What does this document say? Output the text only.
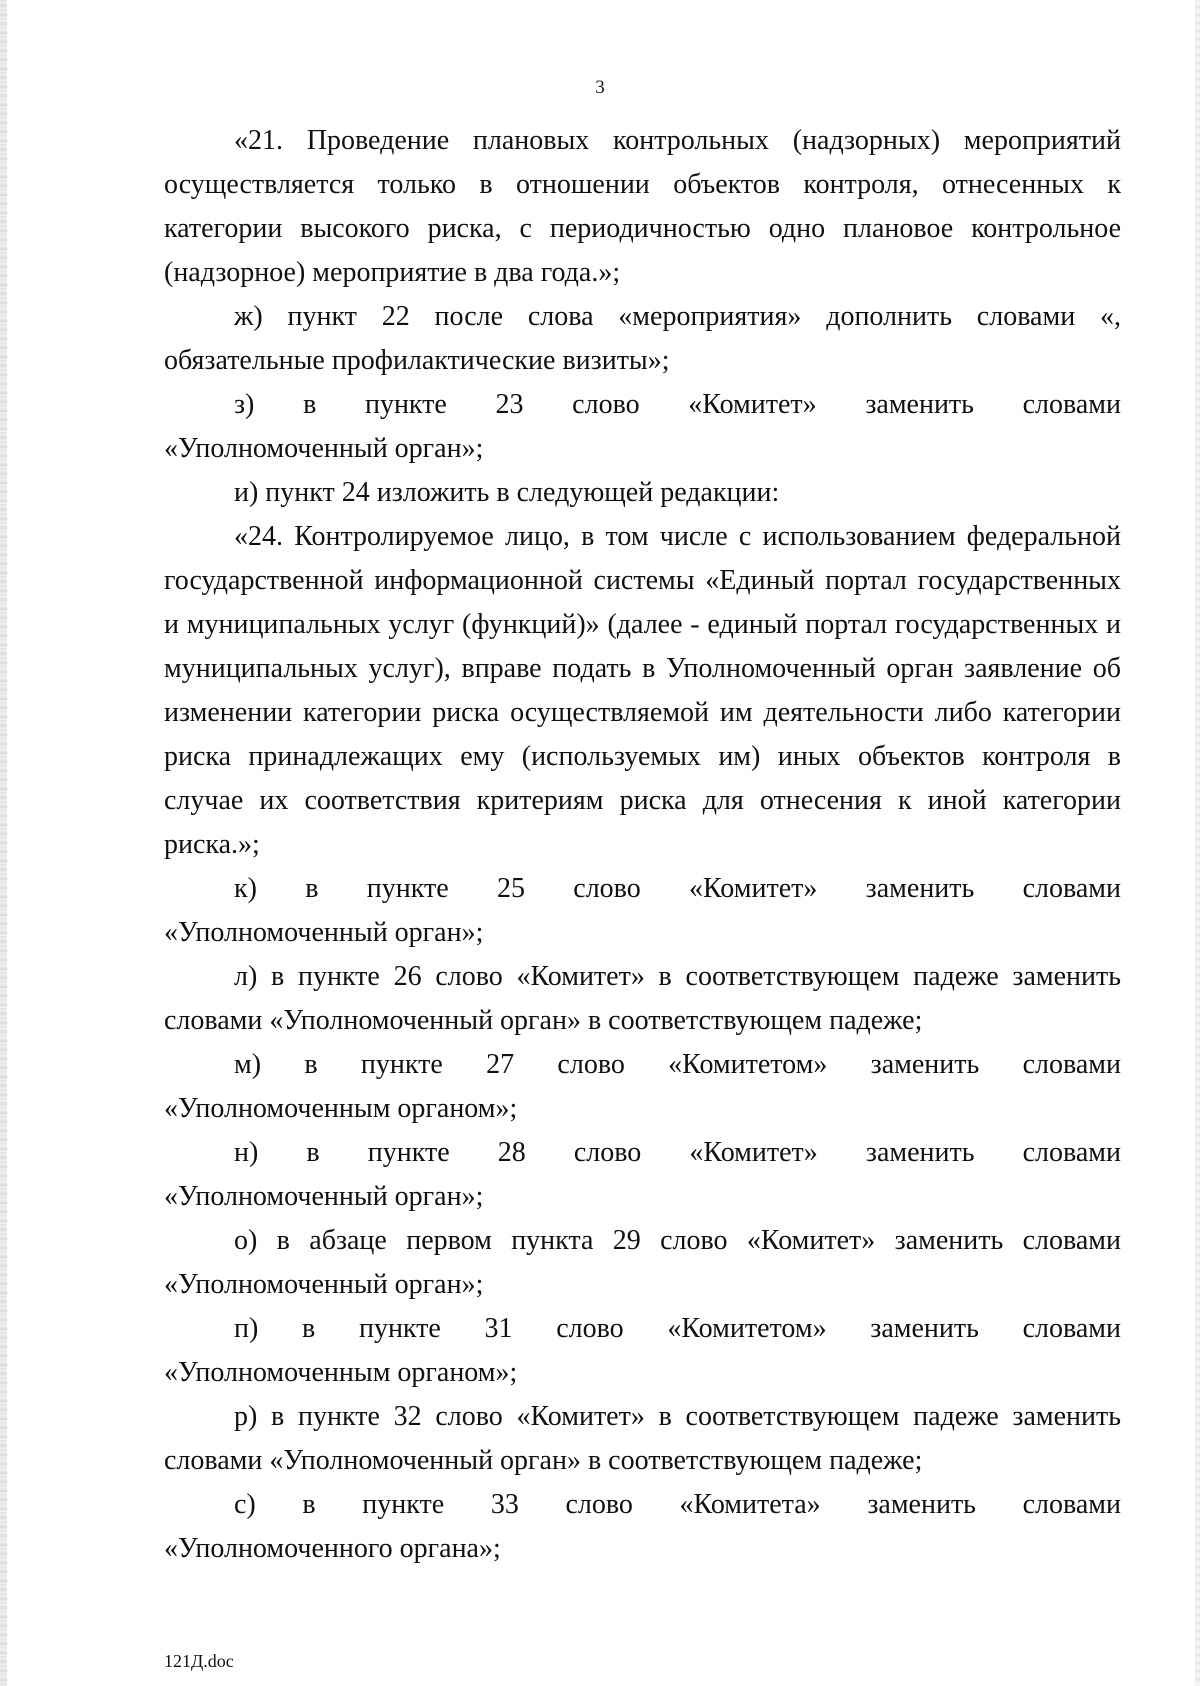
3

«21. Проведение плановых контрольных (надзорных) мероприятий осуществляется только в отношении объектов контроля, отнесенных к категории высокого риска, с периодичностью одно плановое контрольное (надзорное) мероприятие в два года.»;

ж) пункт 22 после слова «мероприятия» дополнить словами «, обязательные профилактические визиты»;

з) в пункте 23 слово «Комитет» заменить словами
«Уполномоченный орган»;

и) пункт 24 изложить в следующей редакции:

«24. Контролируемое лицо, в том числе с использованием федеральной государственной информационной системы «Единый портал государственных и муниципальных услуг (функций)» (далее - единый портал государственных и муниципальных услуг), вправе подать в Уполномоченный орган заявление об изменении категории риска осуществляемой им деятельности либо категории риска принадлежащих ему (используемых им) иных объектов контроля в случае их соответствия критериям риска для отнесения к иной категории риска.»;

к) в пункте 25 слово «Комитет» заменить словами
«Уполномоченный орган»;

л) в пункте 26 слово «Комитет» в соответствующем падеже заменить словами «Уполномоченный орган» в соответствующем падеже;

м) в пункте 27 слово «Комитетом» заменить словами
«Уполномоченным органом»;

н) в пункте 28 слово «Комитет» заменить словами
«Уполномоченный орган»;

о) в абзаце первом пункта 29 слово «Комитет» заменить словами
«Уполномоченный орган»;

п) в пункте 31 слово «Комитетом» заменить словами
«Уполномоченным органом»;

р) в пункте 32 слово «Комитет» в соответствующем падеже заменить словами «Уполномоченный орган» в соответствующем падеже;

с) в пункте 33 слово «Комитета» заменить словами
«Уполномоченного органа»;

121Д.doc
